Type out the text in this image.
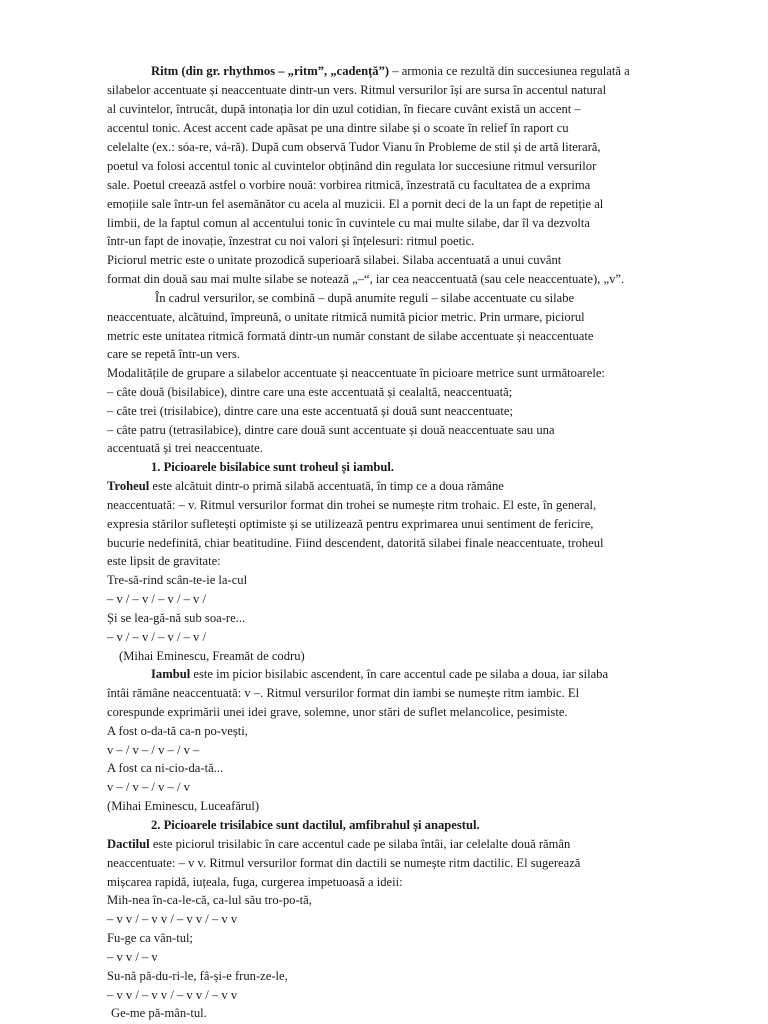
Ritm (din gr. rhythmos – „ritm”, „cadență”) – armonia ce rezultă din succesiunea regulată a
silabelor accentuate și neaccentuate dintr-un vers. Ritmul versurilor își are sursa în accentul natural
al cuvintelor, întrucât, după intonația lor din uzul cotidian, în fiecare cuvânt există un accent –
accentul tonic. Acest accent cade apăsat pe una dintre silabe și o scoate în relief în raport cu
celelalte (ex.: sóa-re, vá-ră). După cum observă Tudor Vianu în Probleme de stil și de artă literară,
poetul va folosi accentul tonic al cuvintelor obținând din regulata lor succesiune ritmul versurilor
sale. Poetul creează astfel o vorbire nouă: vorbirea ritmică, înzestrată cu facultatea de a exprima
emoțiile sale într-un fel asemănător cu acela al muzicii. El a pornit deci de la un fapt de repetiție al
limbii, de la faptul comun al accentului tonic în cuvintele cu mai multe silabe, dar îl va dezvolta
într-un fapt de inovație, înzestrat cu noi valori și înțelesuri: ritmul poetic.
Piciorul metric este o unitate prozodică superioară silabei. Silaba accentuată a unui cuvânt
format din două sau mai multe silabe se notează „–“, iar cea neaccentuată (sau cele neaccentuate), „v”.
În cadrul versurilor, se combină – după anumite reguli – silabe accentuate cu silabe
neaccentuate, alcătuind, împreună, o unitate ritmică numită picior metric. Prin urmare, piciorul
metric este unitatea ritmică formată dintr-un număr constant de silabe accentuate și neaccentuate
care se repetă într-un vers.
Modalitățile de grupare a silabelor accentuate și neaccentuate în picioare metrice sunt următoarele:
– câte două (bisilabice), dintre care una este accentuată și cealaltă, neaccentuată;
– câte trei (trisilabice), dintre care una este accentuată și două sunt neaccentuate;
– câte patru (tetrasilabice), dintre care două sunt accentuate și două neaccentuate sau una
accentuată și trei neaccentuate.
1. Picioarele bisilabice sunt troheul și iambul.
Troheul este alcătuit dintr-o primă silabă accentuată, în timp ce a doua rămâne
neaccentuată: – v. Ritmul versurilor format din trohei se numește ritm trohaic. El este, în general,
expresia stărilor sufletești optimiste și se utilizează pentru exprimarea unui sentiment de fericire,
bucurie nedefinită, chiar beatitudine. Fiind descendent, datorită silabei finale neaccentuate, troheul
este lipsit de gravitate:
Tre-să-rind scân-te-ie la-cul
– v / – v / – v / – v /
Și se lea-gă-nă sub soa-re...
– v / – v / – v / – v /
(Mihai Eminescu, Freamăt de codru)
Iambul este im picior bisilabic ascendent, în care accentul cade pe silaba a doua, iar silaba
întâi rămâne neaccentuată: v –. Ritmul versurilor format din iambi se numește ritm iambic. El
corespunde exprimării unei idei grave, solemne, unor stări de suflet melancolice, pesimiste.
A fost o-da-tă ca-n po-vești,
v – / v – / v – / v –
A fost ca ni-cio-da-tă...
v – / v – / v – / v
(Mihai Eminescu, Luceafărul)
2. Picioarele trisilabice sunt dactilul, amfibrahul și anapestul.
Dactilul este piciorul trisilabic în care accentul cade pe silaba întâi, iar celelalte două rămân
neaccentuate: – v v. Ritmul versurilor format din dactili se numește ritm dactilic. El sugerează
mișcarea rapidă, iuțeala, fuga, curgerea impetuoasă a ideii:
Mih-nea în-ca-le-că, ca-lul său tro-po-tă,
– v v / – v v / – v v / – v v
Fu-ge ca vân-tul;
– v v / – v
Su-nă pă-du-ri-le, fâ-și-e frun-ze-le,
– v v / – v v / – v v / – v v
Ge-me pă-mân-tul.
